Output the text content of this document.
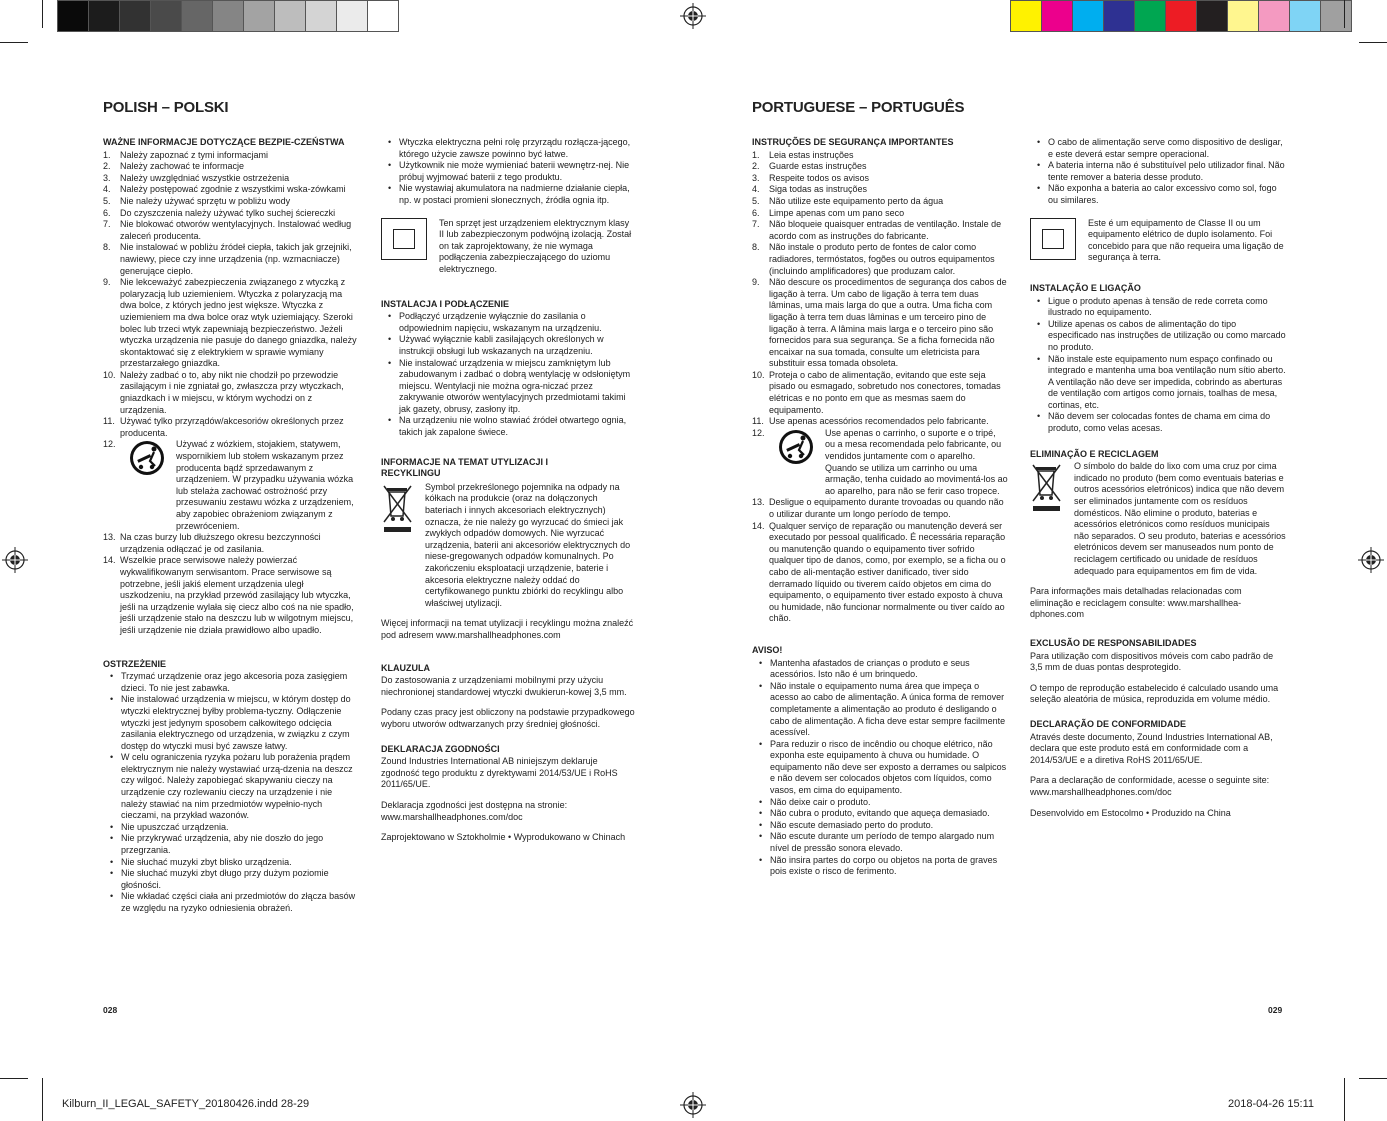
POLISH – POLSKI
WAŻNE INFORMACJE DOTYCZĄCE BEZPIE-CZEŃSTWA
1. Należy zapoznać z tymi informacjami
2. Należy zachować te informacje
3. Należy uwzględniać wszystkie ostrzeżenia
4. Należy postępować zgodnie z wszystkimi wska-zówkami
5. Nie należy używać sprzętu w pobliżu wody
6. Do czyszczenia należy używać tylko suchej ściereczki
7. Nie blokować otworów wentylacyjnych. Instalować według zaleceń producenta.
8. Nie instalować w pobliżu źródeł ciepła, takich jak grzejniki, nawiewy, piece czy inne urządzenia (np. wzmacniacze) generujące ciepło.
9. Nie lekceważyć zabezpieczenia związanego z wtyczką z polaryzacją lub uziemieniem. Wtyczka z polaryzacją ma dwa bolce, z których jedno jest większe. Wtyczka z uziemieniem ma dwa bolce oraz wtyk uziemiający. Szeroki bolec lub trzeci wtyk zapewniają bezpieczeństwo. Jeżeli wtyczka urządzenia nie pasuje do danego gniazdka, należy skontaktować się z elektrykiem w sprawie wymiany przestarzałego gniazdka.
10. Należy zadbać o to, aby nikt nie chodził po przewodzie zasilającym i nie zgniatał go, zwłaszcza przy wtyczkach, gniazdkach i w miejscu, w którym wychodzi on z urządzenia.
11. Używać tylko przyrządów/akcesoriów określonych przez producenta.
12.	Używać z wózkiem, stojakiem, statywem, wspornikiem lub stołem wskazanym przez producenta bądź sprzedawanym z urządzeniem. W przypadku używania wózka lub stelaża zachować ostrożność przy przesuwaniu zestawu wózka z urządzeniem, aby zapobiec obrażeniom związanym z przewróceniem.
13. Na czas burzy lub dłuższego okresu bezczynności urządzenia odłączać je od zasilania.
14. Wszelkie prace serwisowe należy powierzać wykwalifikowanym serwisantom. Prace serwisowe są potrzebne, jeśli jakiś element urządzenia uległ uszkodzeniu, na przykład przewód zasilający lub wtyczka, jeśli na urządzenie wylała się ciecz albo coś na nie spadło, jeśli urządzenie stało na deszczu lub w wilgotnym miejscu, jeśli urządzenie nie działa prawidłowo albo upadło.
OSTRZEŻENIE
• Trzymać urządzenie oraz jego akcesoria poza zasięgiem dzieci. To nie jest zabawka.
• Nie instalować urządzenia w miejscu, w którym dostęp do wtyczki elektrycznej byłby problema-tyczny. Odłączenie wtyczki jest jedynym sposobem całkowitego odcięcia zasilania elektrycznego od urządzenia, w związku z czym dostęp do wtyczki musi być zawsze łatwy.
• W celu ograniczenia ryzyka pożaru lub porażenia prądem elektrycznym nie należy wystawiać urzą-dzenia na deszcz czy wilgoć. Należy zapobiegać skapywaniu cieczy na urządzenie czy rozlewaniu cieczy na urządzenie i nie należy stawiać na nim przedmiotów wypełnio-nych cieczami, na przykład wazonów.
• Nie upuszczać urządzenia.
• Nie przykrywać urządzenia, aby nie doszło do jego przegrzania.
• Nie słuchać muzyki zbyt blisko urządzenia.
• Nie słuchać muzyki zbyt długo przy dużym poziomie głośności.
• Nie wkładać części ciała ani przedmiotów do złącza basów ze względu na ryzyko odniesienia obrażeń.
• Wtyczka elektryczna pełni rolę przyrządu rozłącza-jącego, którego użycie zawsze powinno być łatwe.
• Użytkownik nie może wymieniać baterii wewnętrz-nej. Nie próbuj wyjmować baterii z tego produktu.
• Nie wystawiaj akumulatora na nadmierne działanie ciepła, np. w postaci promieni słonecznych, źródła ognia itp.
Ten sprzęt jest urządzeniem elektrycznym klasy II lub zabezpieczonym podwójną izolacją. Został on tak zaprojektowany, że nie wymaga podłączenia zabezpieczającego do uziomu elektrycznego.
INSTALACJA I PODŁĄCZENIE
• Podłączyć urządzenie wyłącznie do zasilania o odpowiednim napięciu, wskazanym na urządzeniu.
• Używać wyłącznie kabli zasilających określonych w instrukcji obsługi lub wskazanych na urządzeniu.
• Nie instalować urządzenia w miejscu zamkniętym lub zabudowanym i zadbać o dobrą wentylację w odsłoniętym miejscu. Wentylacji nie można ogra-niczać przez zakrywanie otworów wentylacyjnych przedmiotami takimi jak gazety, obrusy, zasłony itp.
• Na urządzeniu nie wolno stawiać źródeł otwartego ognia, takich jak zapalone świece.
INFORMACJE NA TEMAT UTYLIZACJI I RECYKLINGU
Symbol przekreślonego pojemnika na odpady na kółkach na produkcie (oraz na dołączonych bateriach i innych akcesoriach elektrycznych) oznacza, że nie należy go wyrzucać do śmieci jak zwykłych odpadów domowych. Nie wyrzucać urządzenia, baterii ani akcesoriów elektrycznych do niese-gregowanych odpadów komunalnych. Po zakończeniu eksploatacji urządzenie, baterie i akcesoria elektryczne należy oddać do certyfikowanego punktu zbiórki do recyklingu albo właściwej utylizacji.

Więcej informacji na temat utylizacji i recyklingu można znaleźć pod adresem www.marshallheadphones.com

KLAUZULA

Do zastosowania z urządzeniami mobilnymi przy użyciu niechronionej standardowej wtyczki dwukierun-kowej 3,5 mm.

Podany czas pracy jest obliczony na podstawie przypadkowego wyboru utworów odtwarzanych przy średniej głośności.

DEKLARACJA ZGODNOŚCI

Zound Industries International AB niniejszym deklaruje zgodność tego produktu z dyrektywami 2014/53/UE i RoHS 2011/65/UE.

Deklaracja zgodności jest dostępna na stronie: www.marshallheadphones.com/doc

Zaprojektowano w Sztokholmie • Wyprodukowano w Chinach

028
PORTUGUESE – PORTUGUÊS
INSTRUÇÕES DE SEGURANÇA IMPORTANTES
1. Leia estas instruções
2. Guarde estas instruções
3. Respeite todos os avisos
4. Siga todas as instruções
5. Não utilize este equipamento perto da água
6. Limpe apenas com um pano seco
7. Não bloqueie quaisquer entradas de ventilação. Instale de acordo com as instruções do fabricante.
8. Não instale o produto perto de fontes de calor como radiadores, termóstatos, fogões ou outros equipamentos (incluindo amplificadores) que produzam calor.
9. Não descure os procedimentos de segurança dos cabos de ligação à terra. Um cabo de ligação à terra tem duas lâminas, uma mais larga do que a outra. Uma ficha com ligação à terra tem duas lâminas e um terceiro pino de ligação à terra. A lâmina mais larga e o terceiro pino são fornecidos para sua segurança. Se a ficha fornecida não encaixar na sua tomada, consulte um eletricista para substituir essa tomada obsoleta.
10. Proteja o cabo de alimentação, evitando que este seja pisado ou esmagado, sobretudo nos conectores, tomadas elétricas e no ponto em que as mesmas saem do equipamento.
11. Use apenas acessórios recomendados pelo fabricante.
12.	Use apenas o carrinho, o suporte e o tripé, ou a mesa recomendada pelo fabricante, ou vendidos juntamente com o aparelho. Quando se utiliza um carrinho ou uma armação, tenha cuidado ao movimentá-los ao ao aparelho, para não se ferir caso tropece.
13. Desligue o equipamento durante trovoadas ou quando não o utilizar durante um longo período de tempo.
14. Qualquer serviço de reparação ou manutenção deverá ser executado por pessoal qualificado. É necessária reparação ou manutenção quando o equipamento tiver sofrido qualquer tipo de danos, como, por exemplo, se a ficha ou o cabo de ali-mentação estiver danificado, tiver sido derramado líquido ou tiverem caído objetos em cima do equipamento, o equipamento tiver estado exposto à chuva ou humidade, não funcionar normalmente ou tiver caído ao chão.
AVISO!
• Mantenha afastados de crianças o produto e seus acessórios. Isto não é um brinquedo.
• Não instale o equipamento numa área que impeça o acesso ao cabo de alimentação. A única forma de remover completamente a alimentação ao produto é desligando o cabo de alimentação. A ficha deve estar sempre facilmente acessível.
• Para reduzir o risco de incêndio ou choque elétrico, não exponha este equipamento à chuva ou humidade. O equipamento não deve ser exposto a derrames ou salpicos e não devem ser colocados objetos com líquidos, como vasos, em cima do equipamento.
• Não deixe cair o produto.
• Não cubra o produto, evitando que aqueça demasiado.
• Não escute demasiado perto do produto.
• Não escute durante um período de tempo alargado num nível de pressão sonora elevado.
• Não insira partes do corpo ou objetos na porta de graves pois existe o risco de ferimento.
• O cabo de alimentação serve como dispositivo de desligar, e este deverá estar sempre operacional.
• A bateria interna não é substituível pelo utilizador final. Não tente remover a bateria desse produto.
• Não exponha a bateria ao calor excessivo como sol, fogo ou similares.
Este é um equipamento de Classe II ou um equipamento elétrico de duplo isolamento. Foi concebido para que não requeira uma ligação de segurança à terra.
INSTALAÇÃO E LIGAÇÃO
• Ligue o produto apenas à tensão de rede correta como ilustrado no equipamento.
• Utilize apenas os cabos de alimentação do tipo especificado nas instruções de utilização ou como marcado no produto.
• Não instale este equipamento num espaço confinado ou integrado e mantenha uma boa ventilação num sítio aberto. A ventilação não deve ser impedida, cobrindo as aberturas de ventilação com artigos como jornais, toalhas de mesa, cortinas, etc.
• Não devem ser colocadas fontes de chama em cima do produto, como velas acesas.
ELIMINAÇÃO E RECICLAGEM
O símbolo do balde do lixo com uma cruz por cima indicado no produto (bem como eventuais baterias e outros acessórios eletrónicos) indica que não devem ser eliminados juntamente com os resíduos domésticos. Não elimine o produto, baterias e acessórios eletrónicos como resíduos municipais não separados. O seu produto, baterias e acessórios eletrónicos devem ser manuseados num ponto de reciclagem certificado ou unidade de resíduos adequado para equipamentos em fim de vida.

Para informações mais detalhadas relacionadas com eliminação e reciclagem consulte: www.marshallhea-dphones.com

EXCLUSÃO DE RESPONSABILIDADES

Para utilização com dispositivos móveis com cabo padrão de 3,5 mm de duas pontas desprotegido.

O tempo de reprodução estabelecido é calculado usando uma seleção aleatória de música, reproduzida em volume médio.

DECLARAÇÃO DE CONFORMIDADE

Através deste documento, Zound Industries International AB, declara que este produto está em conformidade com a 2014/53/UE e a diretiva RoHS 2011/65/UE.

Para a declaração de conformidade, acesse o seguinte site: www.marshallheadphones.com/doc

Desenvolvido em Estocolmo • Produzido na China

029
Kilburn_II_LEGAL_SAFETY_20180426.indd 28-29	2018-04-26 15:11
